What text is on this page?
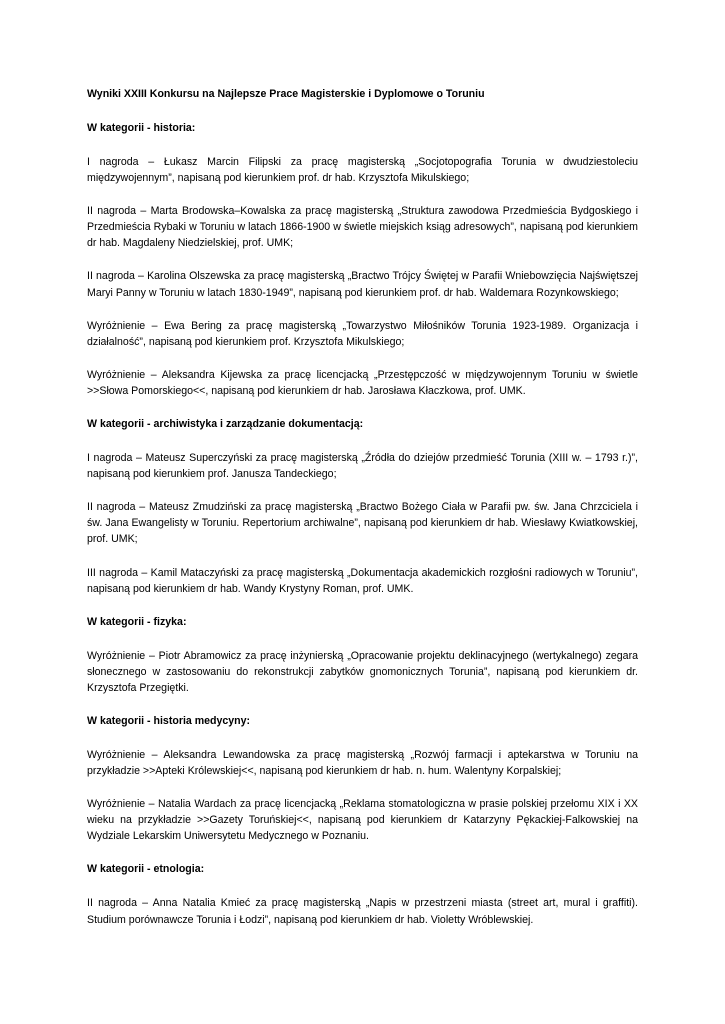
Wyniki XXIII Konkursu na Najlepsze Prace Magisterskie i Dyplomowe o Toruniu

W kategorii - historia:

I nagroda – Łukasz Marcin Filipski za pracę magisterską „Socjotopografia Torunia w dwudziestoleciu międzywojennym”, napisaną pod kierunkiem prof. dr hab. Krzysztofa Mikulskiego;

II nagroda – Marta Brodowska–Kowalska za pracę magisterską „Struktura zawodowa Przedmieścia Bydgoskiego i Przedmieścia Rybaki w Toruniu w latach 1866-1900 w świetle miejskich ksiąg adresowych”, napisaną pod kierunkiem dr hab. Magdaleny Niedzielskiej, prof. UMK;

II nagroda – Karolina Olszewska za pracę magisterską „Bractwo Trójcy Świętej w Parafii Wniebowzięcia Najświętszej Maryi Panny w Toruniu w latach 1830-1949”, napisaną pod kierunkiem prof. dr hab. Waldemara Rozynkowskiego;

Wyróżnienie – Ewa Bering za pracę magisterską „Towarzystwo Miłośników Torunia 1923-1989. Organizacja i działalność”, napisaną pod kierunkiem prof. Krzysztofa Mikulskiego;

Wyróżnienie – Aleksandra Kijewska za pracę licencjacką „Przestępczość w międzywojennym Toruniu w świetle >>Słowa Pomorskiego<<, napisaną pod kierunkiem dr hab. Jarosława Kłaczkowa, prof. UMK.

W kategorii - archiwistyka i zarządzanie dokumentacją:

I nagroda – Mateusz Superczyński za pracę magisterską „Źródła do dziejów przedmieść Torunia (XIII w. – 1793 r.)”, napisaną pod kierunkiem prof. Janusza Tandeckiego;

II nagroda – Mateusz Zmudziński za pracę magisterską „Bractwo Bożego Ciała w Parafii pw. św. Jana Chrzciciela i św. Jana Ewangelisty w Toruniu. Repertorium archiwalne”, napisaną pod kierunkiem dr hab. Wiesławy Kwiatkowskiej, prof. UMK;

III nagroda – Kamil Mataczyński za pracę magisterską „Dokumentacja akademickich rozgłośni radiowych w Toruniu”, napisaną pod kierunkiem dr hab. Wandy Krystyny Roman, prof. UMK.

W kategorii - fizyka:

Wyróżnienie – Piotr Abramowicz za pracę inżynierską „Opracowanie projektu deklinacyjnego (wertykalnego) zegara słonecznego w zastosowaniu do rekonstrukcji zabytków gnomonicznych Torunia”, napisaną pod kierunkiem dr. Krzysztofa Przegiętki.

W kategorii - historia medycyny:

Wyróżnienie – Aleksandra Lewandowska za pracę magisterską „Rozwój farmacji i aptekarstwa w Toruniu na przykładzie >>Apteki Królewskiej<<, napisaną pod kierunkiem dr hab. n. hum. Walentyny Korpalskiej;

Wyróżnienie – Natalia Wardach za pracę licencjacką „Reklama stomatologiczna w prasie polskiej przełomu XIX i XX wieku na przykładzie >>Gazety Toruńskiej<<, napisaną pod kierunkiem dr Katarzyny Pękackiej-Falkowskiej na Wydziale Lekarskim Uniwersytetu Medycznego w Poznaniu.

W kategorii - etnologia:

II nagroda – Anna Natalia Kmieć za pracę magisterską „Napis w przestrzeni miasta (street art, mural i graffiti). Studium porównawcze Torunia i Łodzi”, napisaną pod kierunkiem dr hab. Violetty Wróblewskiej.
